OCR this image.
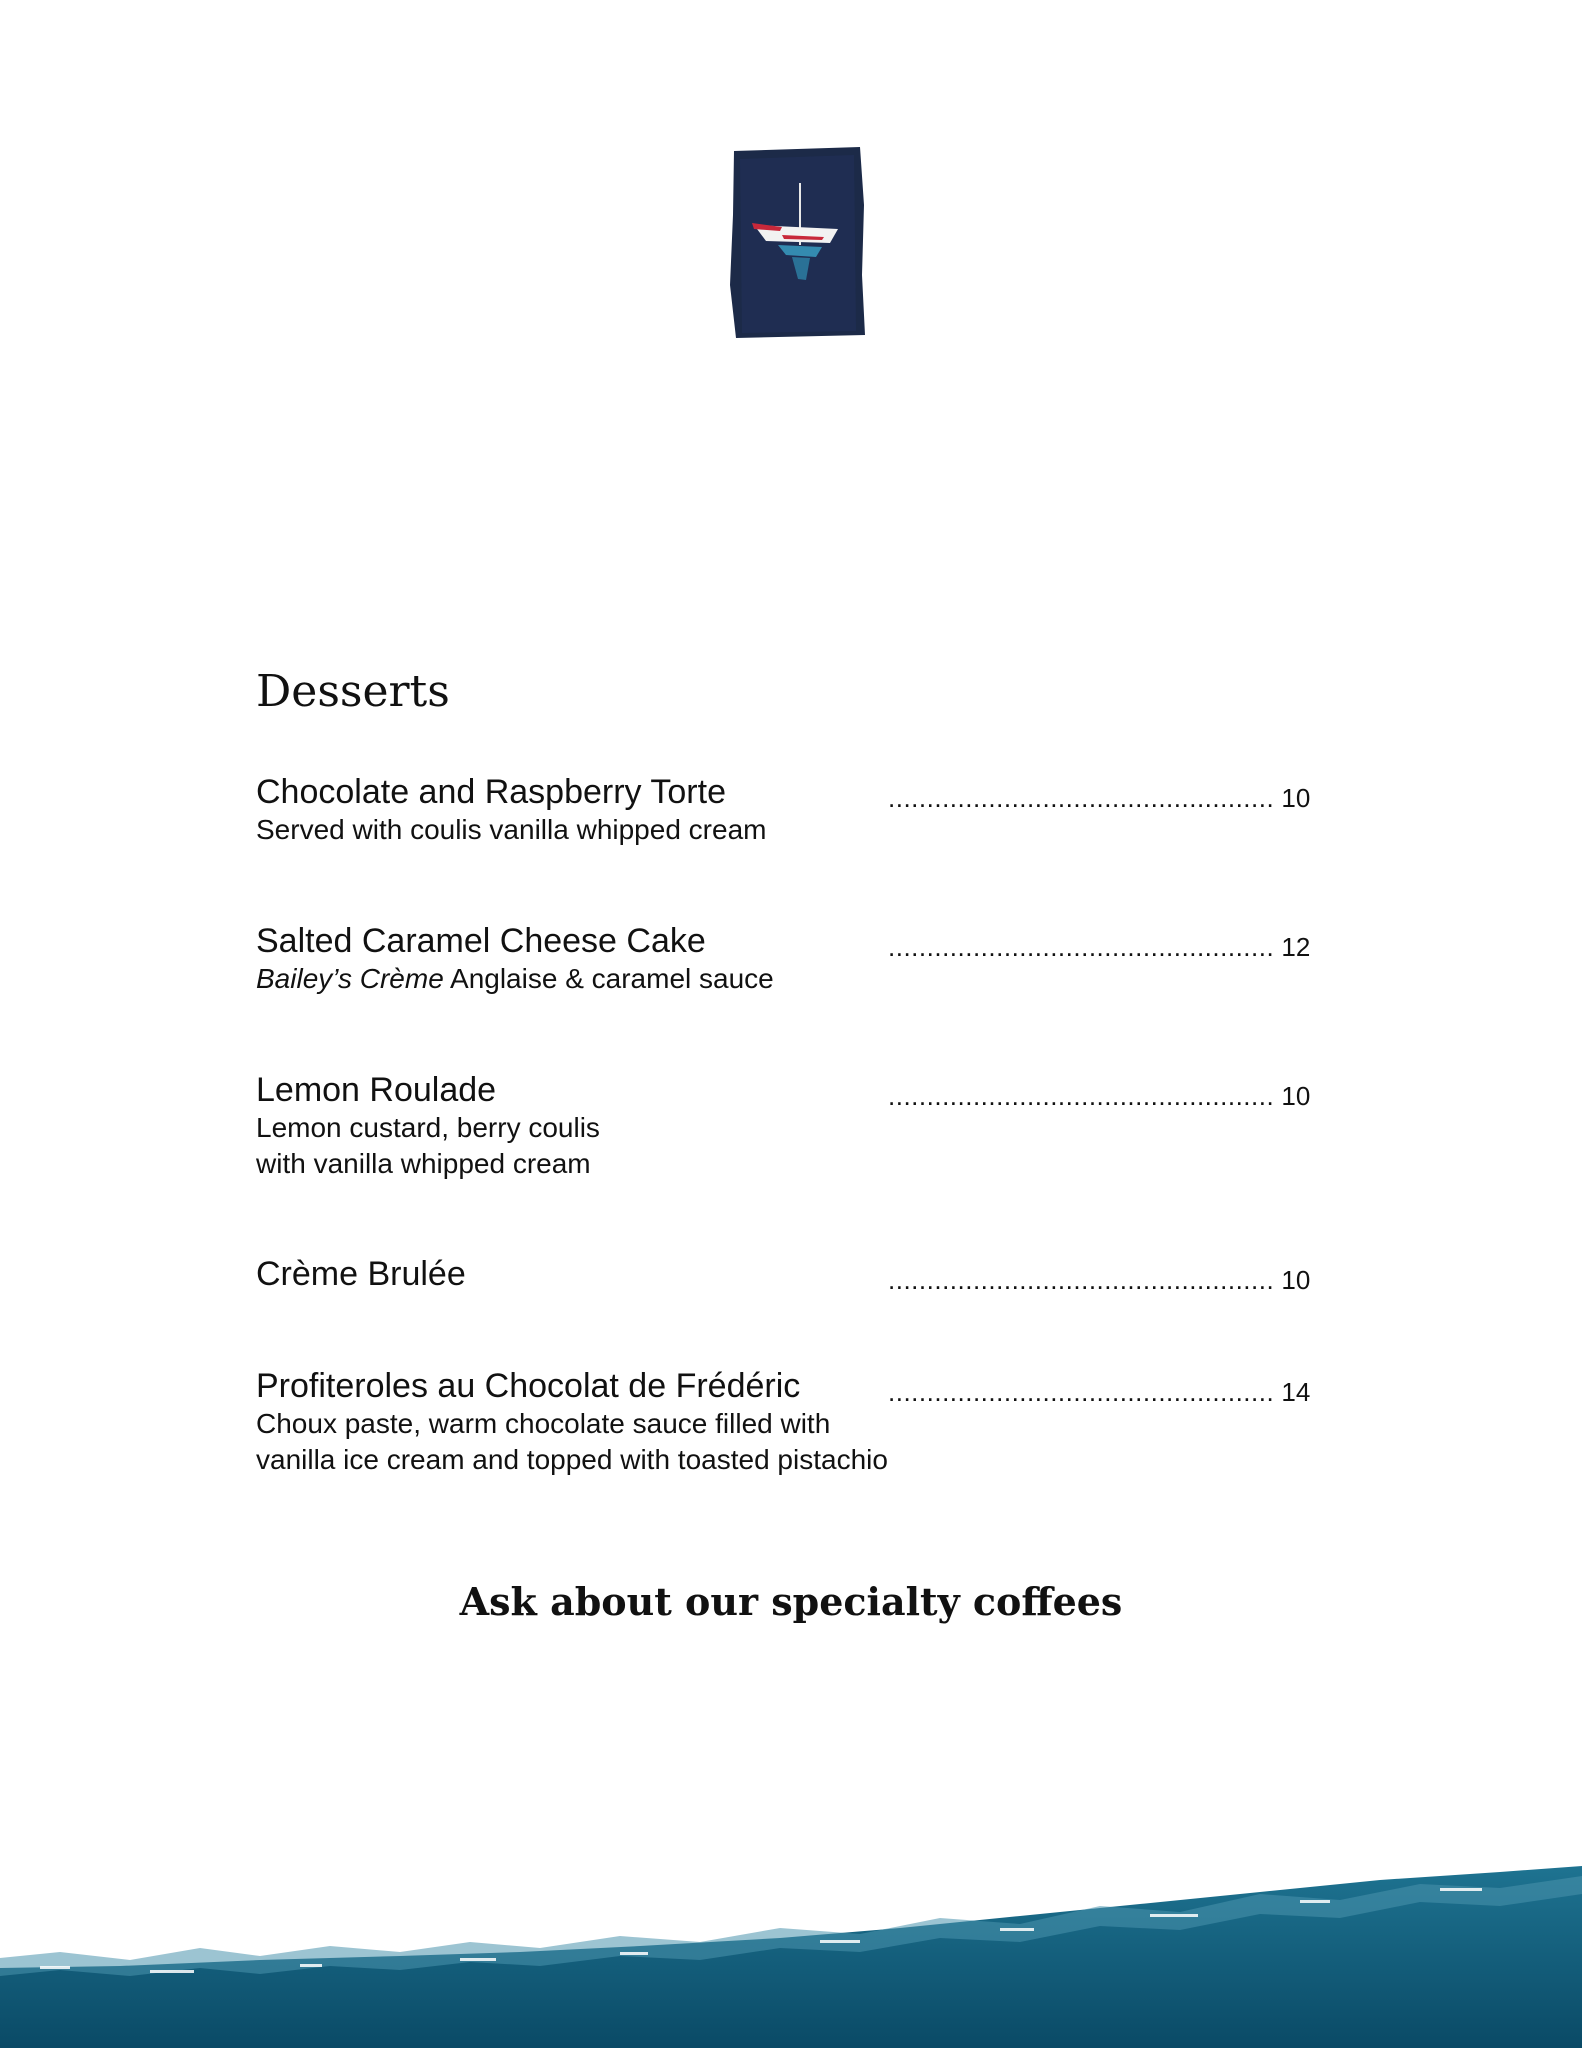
Desserts
Chocolate and Raspberry Torte	.................................................. 10
Served with coulis vanilla whipped cream
Salted Caramel Cheese Cake	.................................................. 12
Bailey’s Crème Anglaise & caramel sauce
Lemon Roulade	.................................................. 10
Lemon custard, berry coulis
with vanilla whipped cream
Crème Brulée	.................................................. 10
Profiteroles au Chocolat de Frédéric	.................................................. 14
Choux paste, warm chocolate sauce filled with
vanilla ice cream and topped with toasted pistachio
Ask about our specialty coffees
